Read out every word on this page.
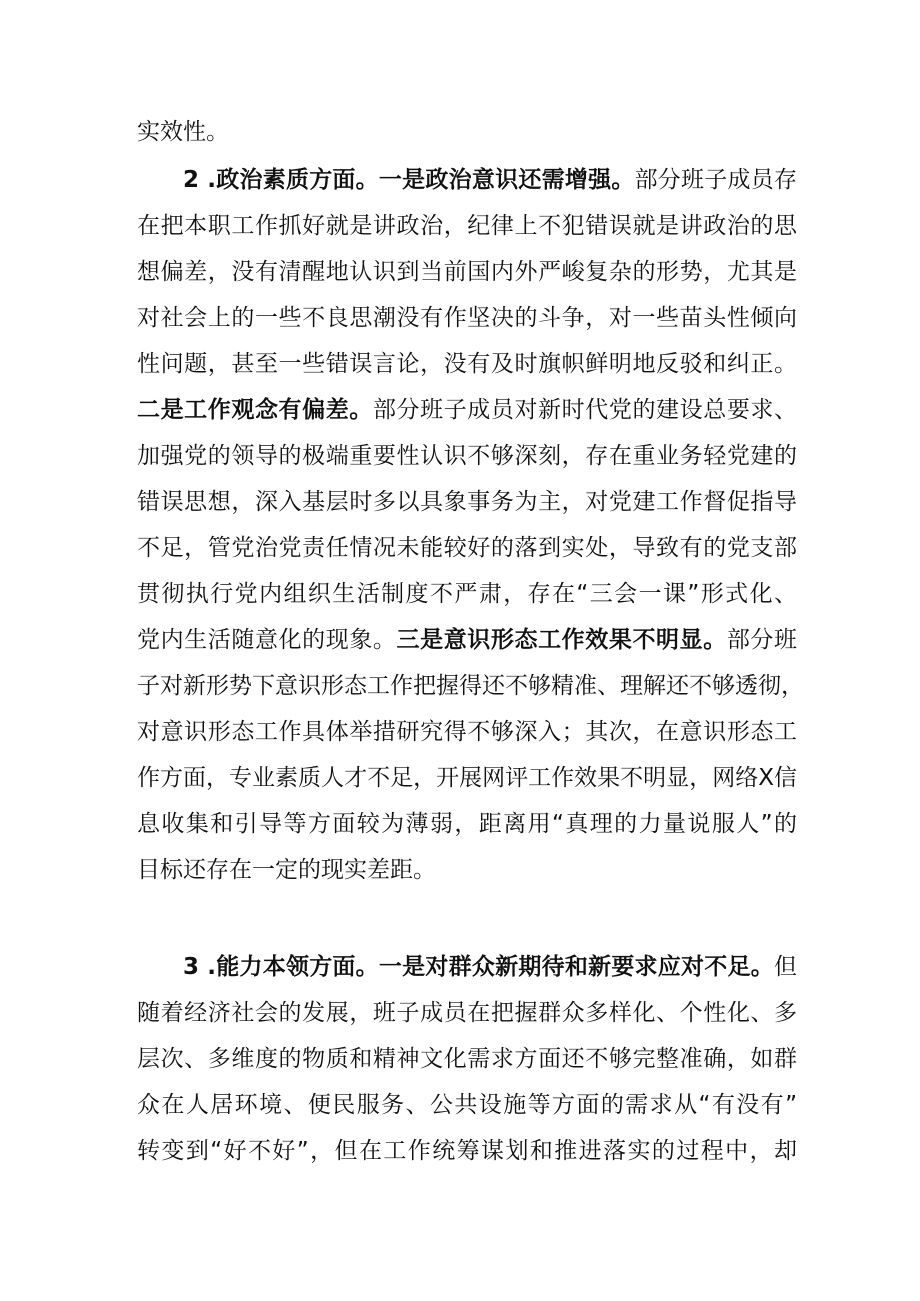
实效性。
2 .政治素质方面。一是政治意识还需增强。部分班子成员存
在把本职工作抓好就是讲政治，纪律上不犯错误就是讲政治的思
想偏差，没有清醒地认识到当前国内外严峻复杂的形势，尤其是
对社会上的一些不良思潮没有作坚决的斗争，对一些苗头性倾向
性问题，甚至一些错误言论，没有及时旗帜鲜明地反驳和纠正。
二是工作观念有偏差。部分班子成员对新时代党的建设总要求、
加强党的领导的极端重要性认识不够深刻，存在重业务轻党建的
错误思想，深入基层时多以具象事务为主，对党建工作督促指导
不足，管党治党责任情况未能较好的落到实处，导致有的党支部
贯彻执行党内组织生活制度不严肃，存在“三会一课”形式化、
党内生活随意化的现象。三是意识形态工作效果不明显。部分班
子对新形势下意识形态工作把握得还不够精准、理解还不够透彻，
对意识形态工作具体举措研究得不够深入；其次，在意识形态工
作方面，专业素质人才不足，开展网评工作效果不明显，网络X信
息收集和引导等方面较为薄弱，距离用“真理的力量说服人”的
目标还存在一定的现实差距。
3 .能力本领方面。一是对群众新期待和新要求应对不足。但
随着经济社会的发展，班子成员在把握群众多样化、个性化、多
层次、多维度的物质和精神文化需求方面还不够完整准确，如群
众在人居环境、便民服务、公共设施等方面的需求从“有没有”
转变到“好不好”，但在工作统筹谋划和推进落实的过程中，却
